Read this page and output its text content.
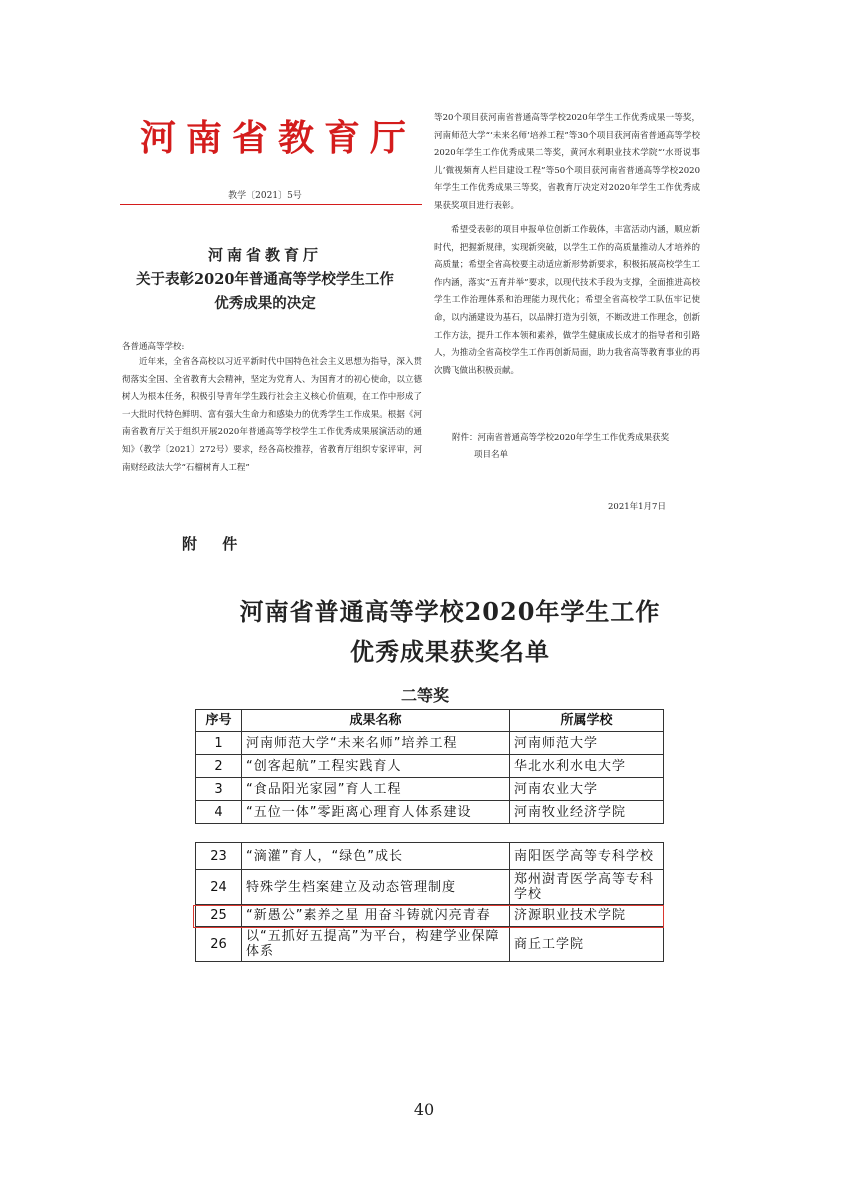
河南省教育厅
教学〔2021〕5号
河南省教育厅
关于表彰2020年普通高等学校学生工作
优秀成果的决定
各普通高等学校:
近年来，全省各高校以习近平新时代中国特色社会主义思想为指导，深入贯彻落实全国、全省教育大会精神，坚定为党育人、为国育才的初心使命，以立德树人为根本任务，积极引导青年学生践行社会主义核心价值观，在工作中形成了一大批时代特色鲜明、富有强大生命力和感染力的优秀学生工作成果。根据《河南省教育厅关于组织开展2020年普通高等学校学生工作优秀成果展演活动的通知》（教学〔2021〕272号）要求，经各高校推荐，省教育厅组织专家评审，河南财经政法大学“石榴树育人工程”
等20个项目获河南省普通高等学校2020年学生工作优秀成果一等奖，河南师范大学“‘未来名师’培养工程”等30个项目获河南省普通高等学校2020年学生工作优秀成果二等奖，黄河水利职业技术学院“‘水哥说事儿’微视频育人栏目建设工程”等50个项目获河南省普通高等学校2020年学生工作优秀成果三等奖，省教育厅决定对2020年学生工作优秀成果获奖项目进行表彰。
希望受表彰的项目申报单位创新工作载体，丰富活动内涵，顺应新时代，把握新规律，实现新突破，以学生工作的高质量推动人才培养的高质量；希望全省高校要主动适应新形势新要求，积极拓展高校学生工作内涵，落实“五育并举”要求，以现代技术手段为支撑，全面推进高校学生工作治理体系和治理能力现代化；希望全省高校学工队伍牢记使命，以内涵建设为基石，以品牌打造为引领，不断改进工作理念，创新工作方法，提升工作本领和素养，做学生健康成长成才的指导者和引路人，为推动全省高校学生工作再创新局面，助力我省高等教育事业的再次腾飞做出积极贡献。
附件：河南省普通高等学校2020年学生工作优秀成果获奖
项目名单
2021年1月7日
附 件
河南省普通高等学校2020年学生工作
优秀成果获奖名单
二等奖
序号	成果名称	所属学校
1	河南师范大学“未来名师”培养工程	河南师范大学
2	“创客起航”工程实践育人	华北水利水电大学
3	“食品阳光家园”育人工程	河南农业大学
4	“五位一体”零距离心理育人体系建设	河南牧业经济学院
23	“滴灌”育人，“绿色”成长	南阳医学高等专科学校
24	特殊学生档案建立及动态管理制度	郑州澍青医学高等专科学校
25	“新愚公”素养之星 用奋斗铸就闪亮青春	济源职业技术学院
26	以“五抓好五提高”为平台，构建学业保障体系	商丘工学院
40
